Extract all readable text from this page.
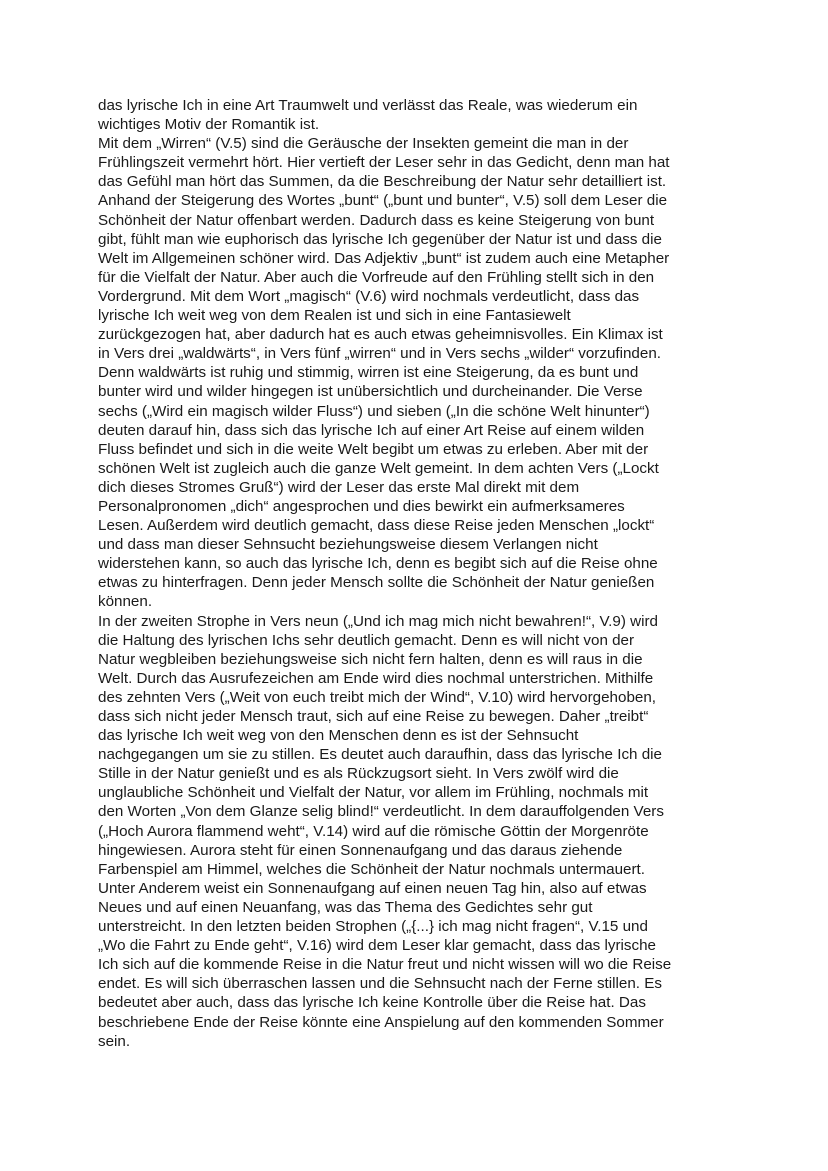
das lyrische Ich in eine Art Traumwelt und verlässt das Reale, was wiederum ein
wichtiges Motiv der Romantik ist.
Mit dem „Wirren“ (V.5) sind die Geräusche der Insekten gemeint die man in der
Frühlingszeit vermehrt hört. Hier vertieft der Leser sehr in das Gedicht, denn man hat
das Gefühl man hört das Summen, da die Beschreibung der Natur sehr detailliert ist.
Anhand der Steigerung des Wortes „bunt“ („bunt und bunter“, V.5) soll dem Leser die
Schönheit der Natur offenbart werden. Dadurch dass es keine Steigerung von bunt
gibt, fühlt man wie euphorisch das lyrische Ich gegenüber der Natur ist und dass die
Welt im Allgemeinen schöner wird. Das Adjektiv „bunt“ ist zudem auch eine Metapher
für die Vielfalt der Natur. Aber auch die Vorfreude auf den Frühling stellt sich in den
Vordergrund. Mit dem Wort „magisch“ (V.6) wird nochmals verdeutlicht, dass das
lyrische Ich weit weg von dem Realen ist und sich in eine Fantasiewelt
zurückgezogen hat, aber dadurch hat es auch etwas geheimnisvolles. Ein Klimax ist
in Vers drei „waldwärts“, in Vers fünf „wirren“ und in Vers sechs „wilder“ vorzufinden.
Denn waldwärts ist ruhig und stimmig, wirren ist eine Steigerung, da es bunt und
bunter wird und wilder hingegen ist unübersichtlich und durcheinander. Die Verse
sechs („Wird ein magisch wilder Fluss“) und sieben („In die schöne Welt hinunter“)
deuten darauf hin, dass sich das lyrische Ich auf einer Art Reise auf einem wilden
Fluss befindet und sich in die weite Welt begibt um etwas zu erleben. Aber mit der
schönen Welt ist zugleich auch die ganze Welt gemeint. In dem achten Vers („Lockt
dich dieses Stromes Gruß“) wird der Leser das erste Mal direkt mit dem
Personalpronomen „dich“ angesprochen und dies bewirkt ein aufmerksameres
Lesen. Außerdem wird deutlich gemacht, dass diese Reise jeden Menschen „lockt“
und dass man dieser Sehnsucht beziehungsweise diesem Verlangen nicht
widerstehen kann, so auch das lyrische Ich, denn es begibt sich auf die Reise ohne
etwas zu hinterfragen. Denn jeder Mensch sollte die Schönheit der Natur genießen
können.
In der zweiten Strophe in Vers neun („Und ich mag mich nicht bewahren!“, V.9) wird
die Haltung des lyrischen Ichs sehr deutlich gemacht. Denn es will nicht von der
Natur wegbleiben beziehungsweise sich nicht fern halten, denn es will raus in die
Welt. Durch das Ausrufezeichen am Ende wird dies nochmal unterstrichen. Mithilfe
des zehnten Vers („Weit von euch treibt mich der Wind“, V.10) wird hervorgehoben,
dass sich nicht jeder Mensch traut, sich auf eine Reise zu bewegen. Daher „treibt“
das lyrische Ich weit weg von den Menschen denn es ist der Sehnsucht
nachgegangen um sie zu stillen. Es deutet auch daraufhin, dass das lyrische Ich die
Stille in der Natur genießt und es als Rückzugsort sieht. In Vers zwölf wird die
unglaubliche Schönheit und Vielfalt der Natur, vor allem im Frühling, nochmals mit
den Worten „Von dem Glanze selig blind!“ verdeutlicht. In dem darauffolgenden Vers
(„Hoch Aurora flammend weht“, V.14) wird auf die römische Göttin der Morgenröte
hingewiesen. Aurora steht für einen Sonnenaufgang und das daraus ziehende
Farbenspiel am Himmel, welches die Schönheit der Natur nochmals untermauert.
Unter Anderem weist ein Sonnenaufgang auf einen neuen Tag hin, also auf etwas
Neues und auf einen Neuanfang, was das Thema des Gedichtes sehr gut
unterstreicht. In den letzten beiden Strophen („{...} ich mag nicht fragen“, V.15 und
„Wo die Fahrt zu Ende geht“, V.16) wird dem Leser klar gemacht, dass das lyrische
Ich sich auf die kommende Reise in die Natur freut und nicht wissen will wo die Reise
endet. Es will sich überraschen lassen und die Sehnsucht nach der Ferne stillen. Es
bedeutet aber auch, dass das lyrische Ich keine Kontrolle über die Reise hat. Das
beschriebene Ende der Reise könnte eine Anspielung auf den kommenden Sommer
sein.
